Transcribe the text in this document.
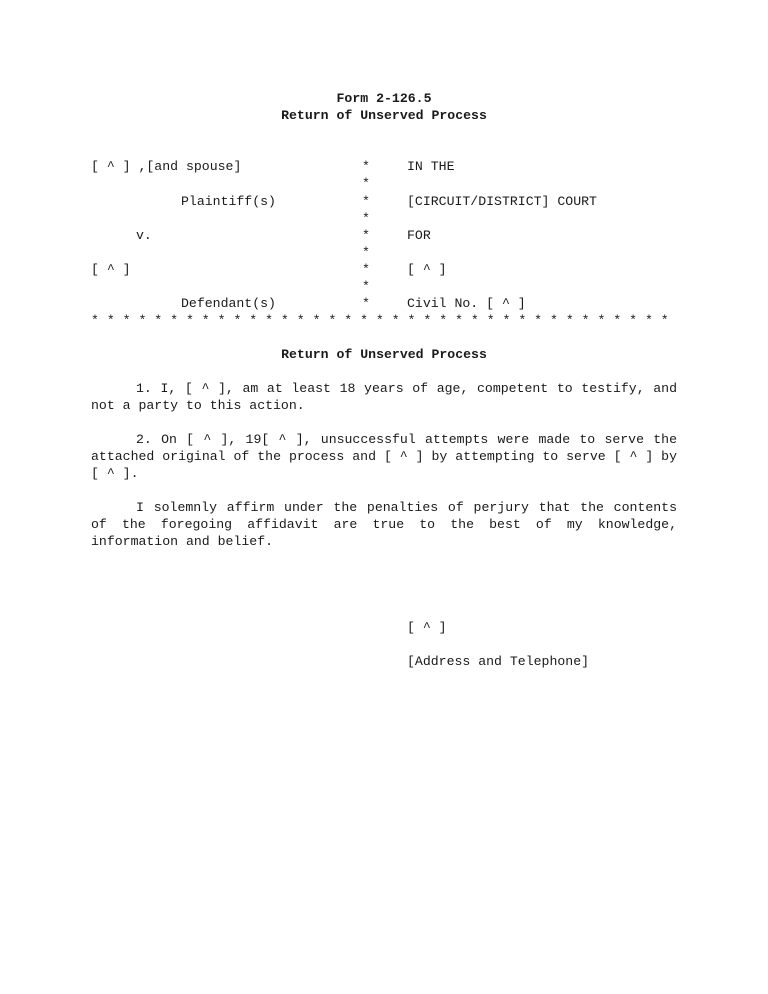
Form 2-126.5
Return of Unserved Process
[ ^ ] ,[and spouse]
Plaintiff(s)
v.
[ ^ ]
Defendant(s)
*
*
*
*
*
*
*
*
*
IN THE
[CIRCUIT/DISTRICT] COURT
FOR
[ ^ ]
Civil No. [ ^ ]
* * * * * * * * * * * * * * * * * * * * * * * * * * * * * * * * * * * * *
Return of Unserved Process
1. I, [ ^ ], am at least 18 years of age, competent to testify, and not a party to this action.
2. On [ ^ ], 19[ ^ ], unsuccessful attempts were made to serve the attached original of the process and [ ^ ] by attempting to serve [ ^ ] by [ ^ ].
I solemnly affirm under the penalties of perjury that the contents of the foregoing affidavit are true to the best of my knowledge, information and belief.
[ ^ ]
[Address and Telephone]
